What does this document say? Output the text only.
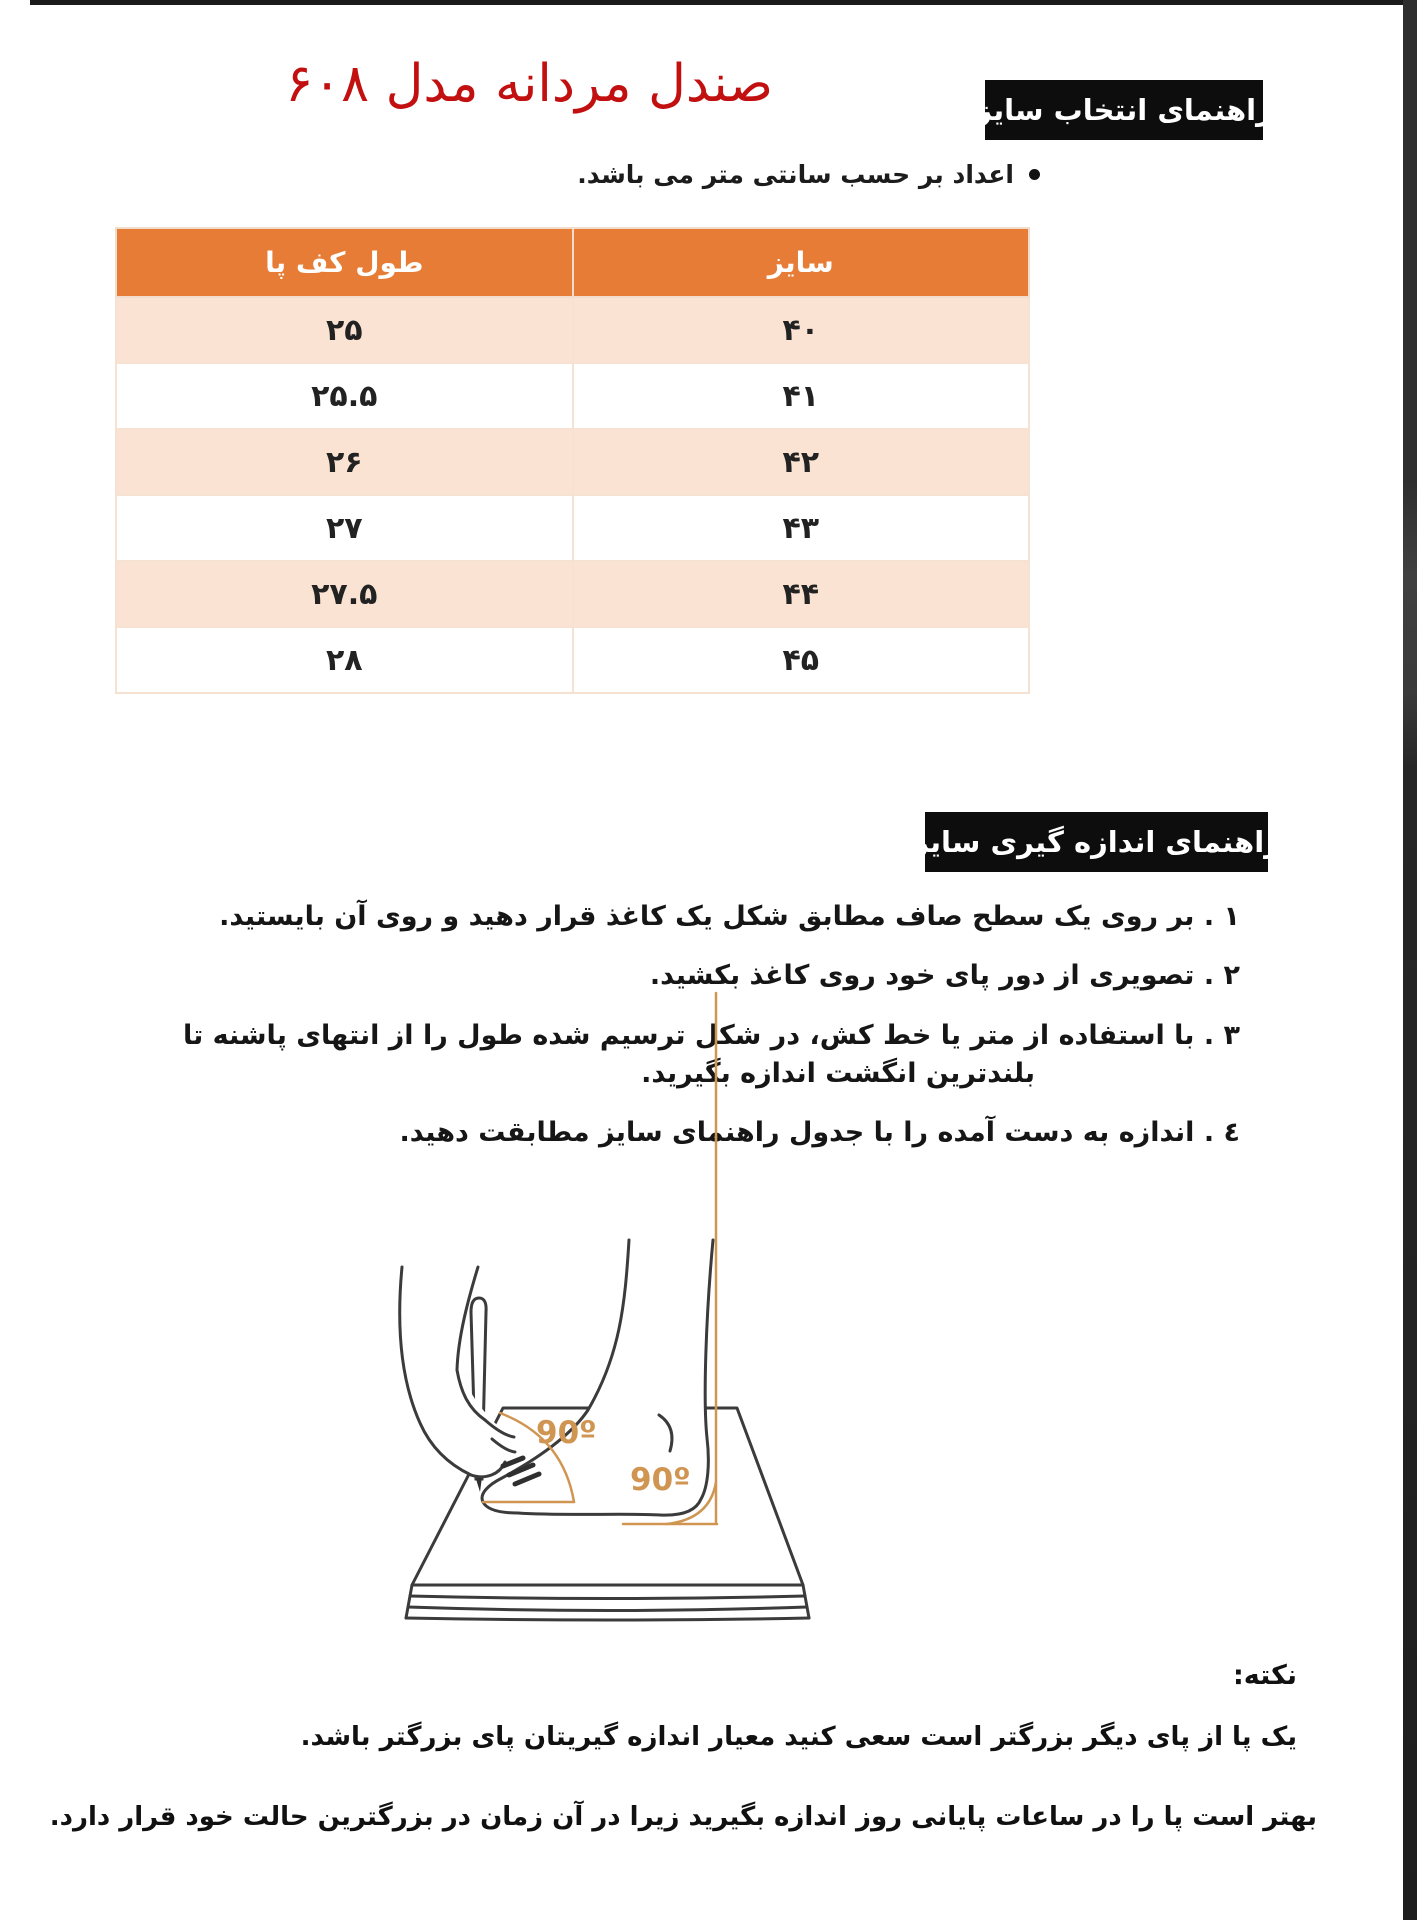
صندل مردانه مدل ۶۰۸	راهنمای انتخاب سایز
اعداد بر حسب سانتی متر می باشد.
سایز	طول کف پا
۴۰	۲۵
۴۱	۲۵.۵
۴۲	۲۶
۴۳	۲۷
۴۴	۲۷.۵
۴۵	۲۸
راهنمای اندازه گیری سایز
۱ . بر روی یک سطح صاف مطابق شکل یک کاغذ قرار دهید و روی آن بایستید.
۲ . تصویری از دور پای خود روی کاغذ بکشید.
۳ . با استفاده از متر یا خط کش، در شکل ترسیم شده طول را از انتهای پاشنه تا بلندترین انگشت اندازه بگیرید.
٤ . اندازه به دست آمده را با جدول راهنمای سایز مطابقت دهید.
90º
90º
نکته:
یک پا از پای دیگر بزرگتر است سعی کنید معیار اندازه گیریتان پای بزرگتر باشد.
بهتر است پا را در ساعات پایانی روز اندازه بگیرید زیرا در آن زمان در بزرگترین حالت خود قرار دارد.
